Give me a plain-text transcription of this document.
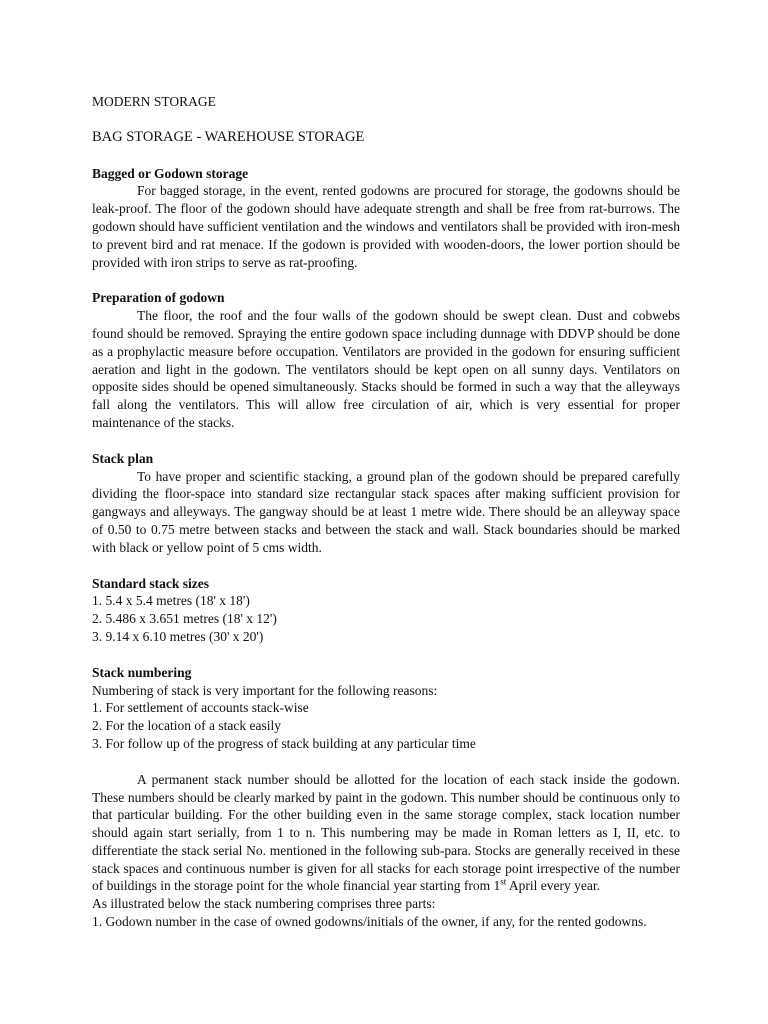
MODERN STORAGE
BAG STORAGE - WAREHOUSE STORAGE
Bagged or Godown storage

For bagged storage, in the event, rented godowns are procured for storage, the godowns should be leak-proof. The floor of the godown should have adequate strength and shall be free from rat-burrows. The godown should have sufficient ventilation and the windows and ventilators shall be provided with iron-mesh to prevent bird and rat menace. If the godown is provided with wooden-doors, the lower portion should be provided with iron strips to serve as rat-proofing.

Preparation of godown

The floor, the roof and the four walls of the godown should be swept clean. Dust and cobwebs found should be removed. Spraying the entire godown space including dunnage with DDVP should be done as a prophylactic measure before occupation. Ventilators are provided in the godown for ensuring sufficient aeration and light in the godown. The ventilators should be kept open on all sunny days. Ventilators on opposite sides should be opened simultaneously. Stacks should be formed in such a way that the alleyways fall along the ventilators. This will allow free circulation of air, which is very essential for proper maintenance of the stacks.

Stack plan

To have proper and scientific stacking, a ground plan of the godown should be prepared carefully dividing the floor-space into standard size rectangular stack spaces after making sufficient provision for gangways and alleyways. The gangway should be at least 1 metre wide. There should be an alleyway space of 0.50 to 0.75 metre between stacks and between the stack and wall. Stack boundaries should be marked with black or yellow point of 5 cms width.

Standard stack sizes
1. 5.4 x 5.4 metres (18' x 18')
2. 5.486 x 3.651 metres (18' x 12')
3. 9.14 x 6.10 metres (30' x 20')
Stack numbering
Numbering of stack is very important for the following reasons:
1. For settlement of accounts stack-wise
2. For the location of a stack easily
3. For follow up of the progress of stack building at any particular time

A permanent stack number should be allotted for the location of each stack inside the godown. These numbers should be clearly marked by paint in the godown. This number should be continuous only to that particular building. For the other building even in the same storage complex, stack location number should again start serially, from 1 to n. This numbering may be made in Roman letters as I, II, etc. to differentiate the stack serial No. mentioned in the following sub-para. Stocks are generally received in these stack spaces and continuous number is given for all stacks for each storage point irrespective of the number of buildings in the storage point for the whole financial year starting from 1st April every year.

As illustrated below the stack numbering comprises three parts:

1. Godown number in the case of owned godowns/initials of the owner, if any, for the rented godowns.
